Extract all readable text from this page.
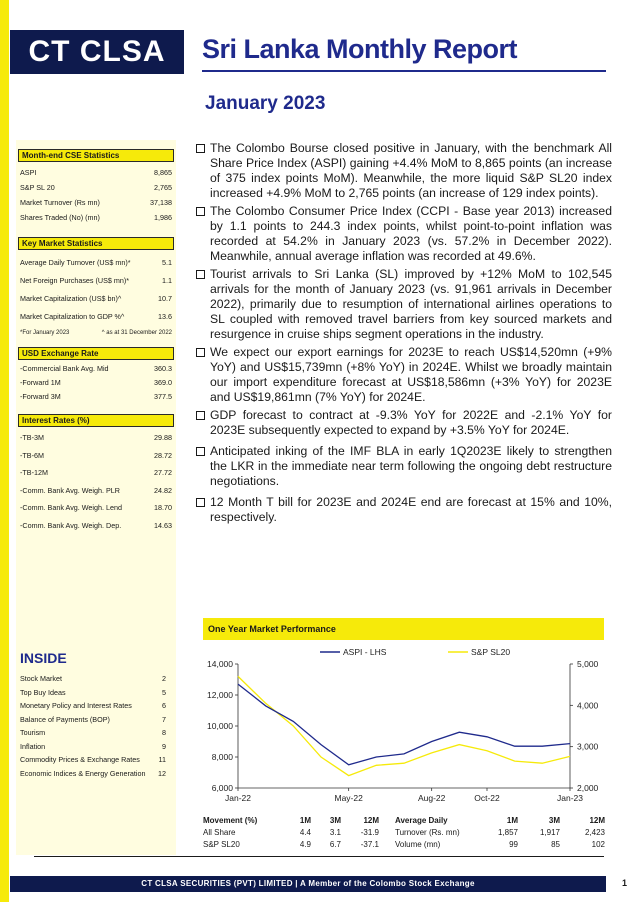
CT CLSA	Sri Lanka Monthly Report
January 2023
Month-end CSE Statistics
ASPI	8,865
S&P SL 20	2,765
Market Turnover (Rs mn)	37,138
Shares Traded (No) (mn)	1,986
Key Market Statistics
Average Daily Turnover (US$ mn)*	5.1
Net Foreign Purchases (US$ mn)*	1.1
Market Capitalization (US$ bn)^	10.7
Market Capitalization to GDP %^	13.6
*For January 2023	^ as at 31 December 2022
USD Exchange Rate
-Commercial Bank Avg. Mid	360.3
-Forward 1M	369.0
-Forward 3M	377.5
Interest Rates (%)
-TB-3M	29.88
-TB-6M	28.72
-TB-12M	27.72
-Comm. Bank Avg. Weigh. PLR	24.82
-Comm. Bank Avg. Weigh. Lend	18.70
-Comm. Bank Avg. Weigh. Dep.	14.63
INSIDE
Stock Market	2
Top Buy Ideas	5
Monetary Policy and Interest Rates	6
Balance of Payments (BOP)	7
Tourism	8
Inflation	9
Commodity Prices & Exchange Rates	11
Economic Indices & Energy Generation 12

The Colombo Bourse closed positive in January, with the benchmark All Share Price Index (ASPI) gaining +4.4% MoM to 8,865 points (an increase of 375 index points MoM). Meanwhile, the more liquid S&P SL20 index increased +4.9% MoM to 2,765 points (an increase of 129 index points).

The Colombo Consumer Price Index (CCPI - Base year 2013) increased by 1.1 points to 244.3 index points, whilst point-to-point inflation was recorded at 54.2% in January 2023 (vs. 57.2% in December 2022). Meanwhile, annual average inflation was recorded at 49.6%.

Tourist arrivals to Sri Lanka (SL) improved by +12% MoM to 102,545 arrivals for the month of January 2023 (vs. 91,961 arrivals in December 2022), primarily due to resumption of international airlines operations to SL coupled with removed travel barriers from key sourced markets and resurgence in cruise ships segment operations in the industry.

We expect our export earnings for 2023E to reach US$14,520mn (+9% YoY) and US$15,739mn (+8% YoY) in 2024E. Whilst we broadly maintain our import expenditure forecast at US$18,586mn (+3% YoY) for 2023E and US$19,861mn (7% YoY) for 2024E.

GDP forecast to contract at -9.3% YoY for 2022E and -2.1% YoY for 2023E subsequently expected to expand by +3.5% YoY for 2024E.

Anticipated inking of the IMF BLA in early 1Q2023E likely to strengthen the LKR in the immediate near term following the ongoing debt restructure negotiations.

12 Month T bill for 2023E and 2024E end are forecast at 15% and 10%, respectively.

One Year Market Performance
6,000
8,000
10,000
12,000
14,000
2,000
3,000
4,000
5,000
Jan-22	May-22	Aug-22	Oct-22	Jan-23
ASPI - LHS	S&P SL20
Movement (%)	1M	3M	12M	Average Daily	1M	3M	12M
All Share	4.4	3.1	-31.9	Turnover (Rs. mn)	1,857	1,917	2,423
S&P SL20	4.9	6.7	-37.1	Volume (mn)	99	85	102
CT CLSA SECURITIES (PVT) LIMITED | A Member of the Colombo Stock Exchange	1
